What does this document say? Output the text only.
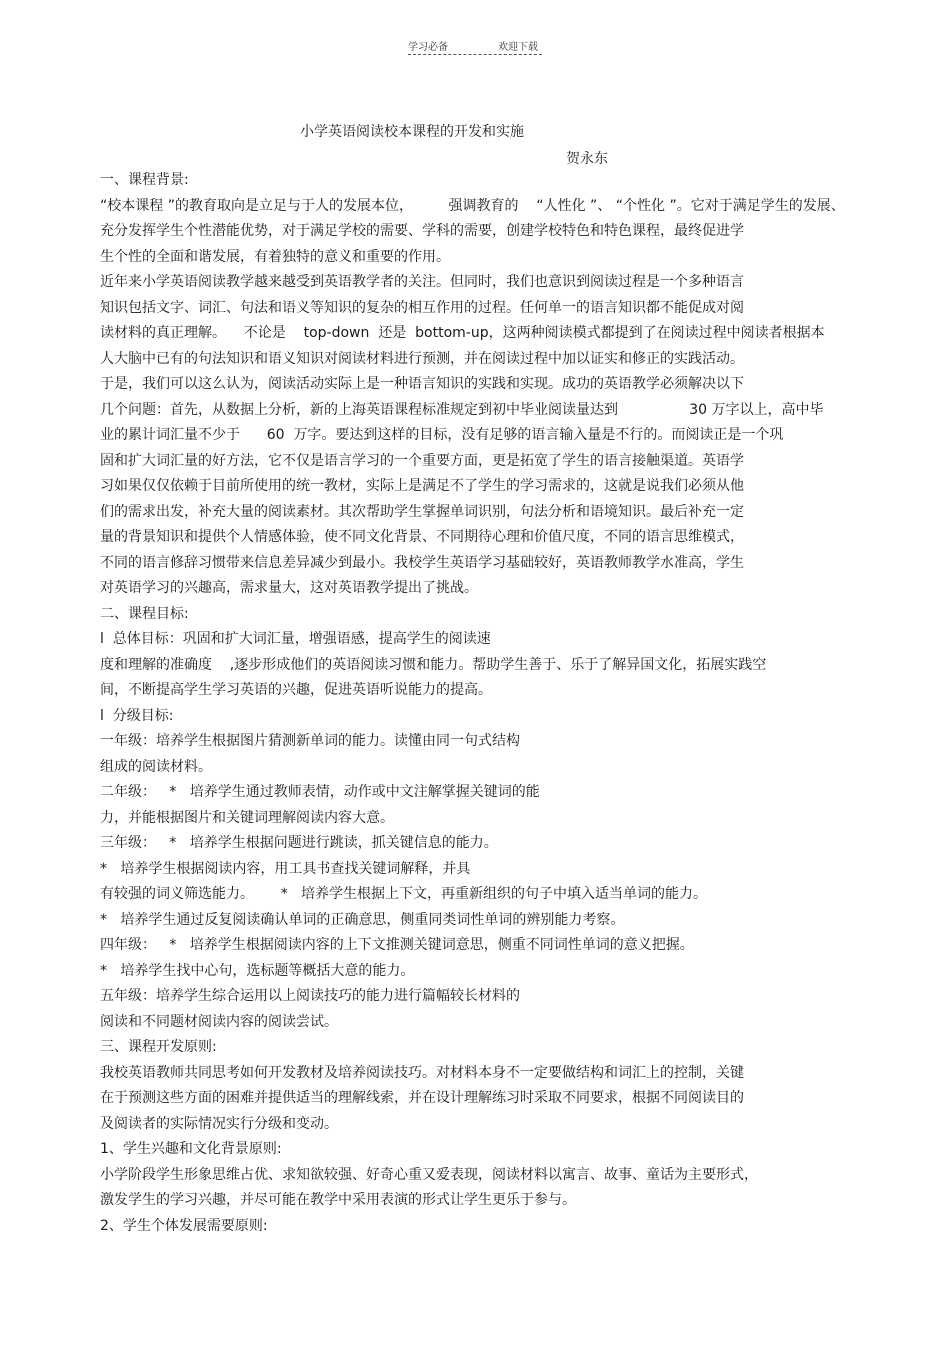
学习必备	欢迎下载
小学英语阅读校本课程的开发和实施
贺永东

一、课程背景:

“校本课程 ”的教育取向是立足与于人的发展本位，        强调教育的    “人性化 ”、 “个性化 ”。它对于满足学生的发展、

充分发挥学生个性潜能优势，对于满足学校的需要、学科的需要，创建学校特色和特色课程，最终促进学

生个性的全面和谐发展，有着独特的意义和重要的作用。

近年来小学英语阅读教学越来越受到英语教学者的关注。但同时，我们也意识到阅读过程是一个多种语言

知识包括文字、词汇、句法和语义等知识的复杂的相互作用的过程。任何单一的语言知识都不能促成对阅

读材料的真正理解。    不论是    top-down  还是  bottom-up，这两种阅读模式都提到了在阅读过程中阅读者根据本

人大脑中已有的句法知识和语义知识对阅读材料进行预测，并在阅读过程中加以证实和修正的实践活动。

于是，我们可以这么认为，阅读活动实际上是一种语言知识的实践和实现。成功的英语教学必须解决以下

几个问题：首先，从数据上分析，新的上海英语课程标准规定到初中毕业阅读量达到                30 万字以上，高中毕

业的累计词汇量不少于      60  万字。要达到这样的目标，没有足够的语言输入量是不行的。而阅读正是一个巩

固和扩大词汇量的好方法，它不仅是语言学习的一个重要方面，更是拓宽了学生的语言接触渠道。英语学

习如果仅仅依赖于目前所使用的统一教材，实际上是满足不了学生的学习需求的，这就是说我们必须从他

们的需求出发，补充大量的阅读素材。其次帮助学生掌握单词识别，句法分析和语境知识。最后补充一定

量的背景知识和提供个人情感体验，使不同文化背景、不同期待心理和价值尺度，不同的语言思维模式，

不同的语言修辞习惯带来信息差异减少到最小。我校学生英语学习基础较好，英语教师教学水准高，学生

对英语学习的兴趣高，需求量大，这对英语教学提出了挑战。

二、课程目标:

l  总体目标：巩固和扩大词汇量，增强语感，提高学生的阅读速

度和理解的准确度    ,逐步形成他们的英语阅读习惯和能力。帮助学生善于、乐于了解异国文化，拓展实践空

间，不断提高学生学习英语的兴趣，促进英语听说能力的提高。

l  分级目标:

一年级：培养学生根据图片猜测新单词的能力。读懂由同一句式结构

组成的阅读材料。

二年级：   *   培养学生通过教师表情，动作或中文注解掌握关键词的能

力，并能根据图片和关键词理解阅读内容大意。

三年级：   *   培养学生根据问题进行跳读，抓关键信息的能力。

*   培养学生根据阅读内容，用工具书查找关键词解释，并具

有较强的词义筛选能力。      *   培养学生根据上下文，再重新组织的句子中填入适当单词的能力。

*   培养学生通过反复阅读确认单词的正确意思，侧重同类词性单词的辨别能力考察。

四年级：   *   培养学生根据阅读内容的上下文推测关键词意思，侧重不同词性单词的意义把握。

*   培养学生找中心句，选标题等概括大意的能力。

五年级：培养学生综合运用以上阅读技巧的能力进行篇幅较长材料的

阅读和不同题材阅读内容的阅读尝试。

三、课程开发原则:

我校英语教师共同思考如何开发教材及培养阅读技巧。对材料本身不一定要做结构和词汇上的控制，关键

在于预测这些方面的困难并提供适当的理解线索，并在设计理解练习时采取不同要求，根据不同阅读目的

及阅读者的实际情况实行分级和变动。

1、学生兴趣和文化背景原则:

小学阶段学生形象思维占优、求知欲较强、好奇心重又爱表现，阅读材料以寓言、故事、童话为主要形式，

激发学生的学习兴趣，并尽可能在教学中采用表演的形式让学生更乐于参与。

2、学生个体发展需要原则:
